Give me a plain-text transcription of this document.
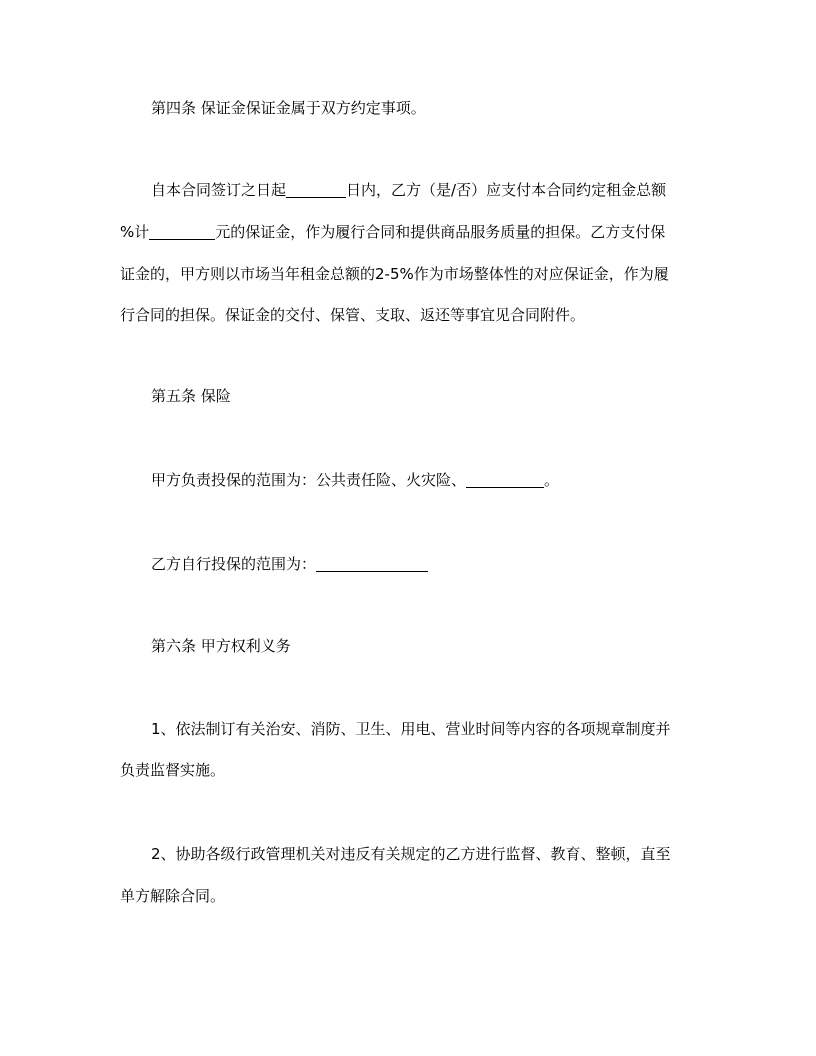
第四条 保证金保证金属于双方约定事项。
自本合同签订之日起	日内，乙方（是/否）应支付本合同约定租金总额
%计	元的保证金，作为履行合同和提供商品服务质量的担保。乙方支付保
证金的，甲方则以市场当年租金总额的2-5%作为市场整体性的对应保证金，作为履
行合同的担保。保证金的交付、保管、支取、返还等事宜见合同附件。
第五条 保险
甲方负责投保的范围为：公共责任险、火灾险、	。
乙方自行投保的范围为：
第六条 甲方权利义务
1、依法制订有关治安、消防、卫生、用电、营业时间等内容的各项规章制度并
负责监督实施。
2、协助各级行政管理机关对违反有关规定的乙方进行监督、教育、整顿，直至
单方解除合同。
